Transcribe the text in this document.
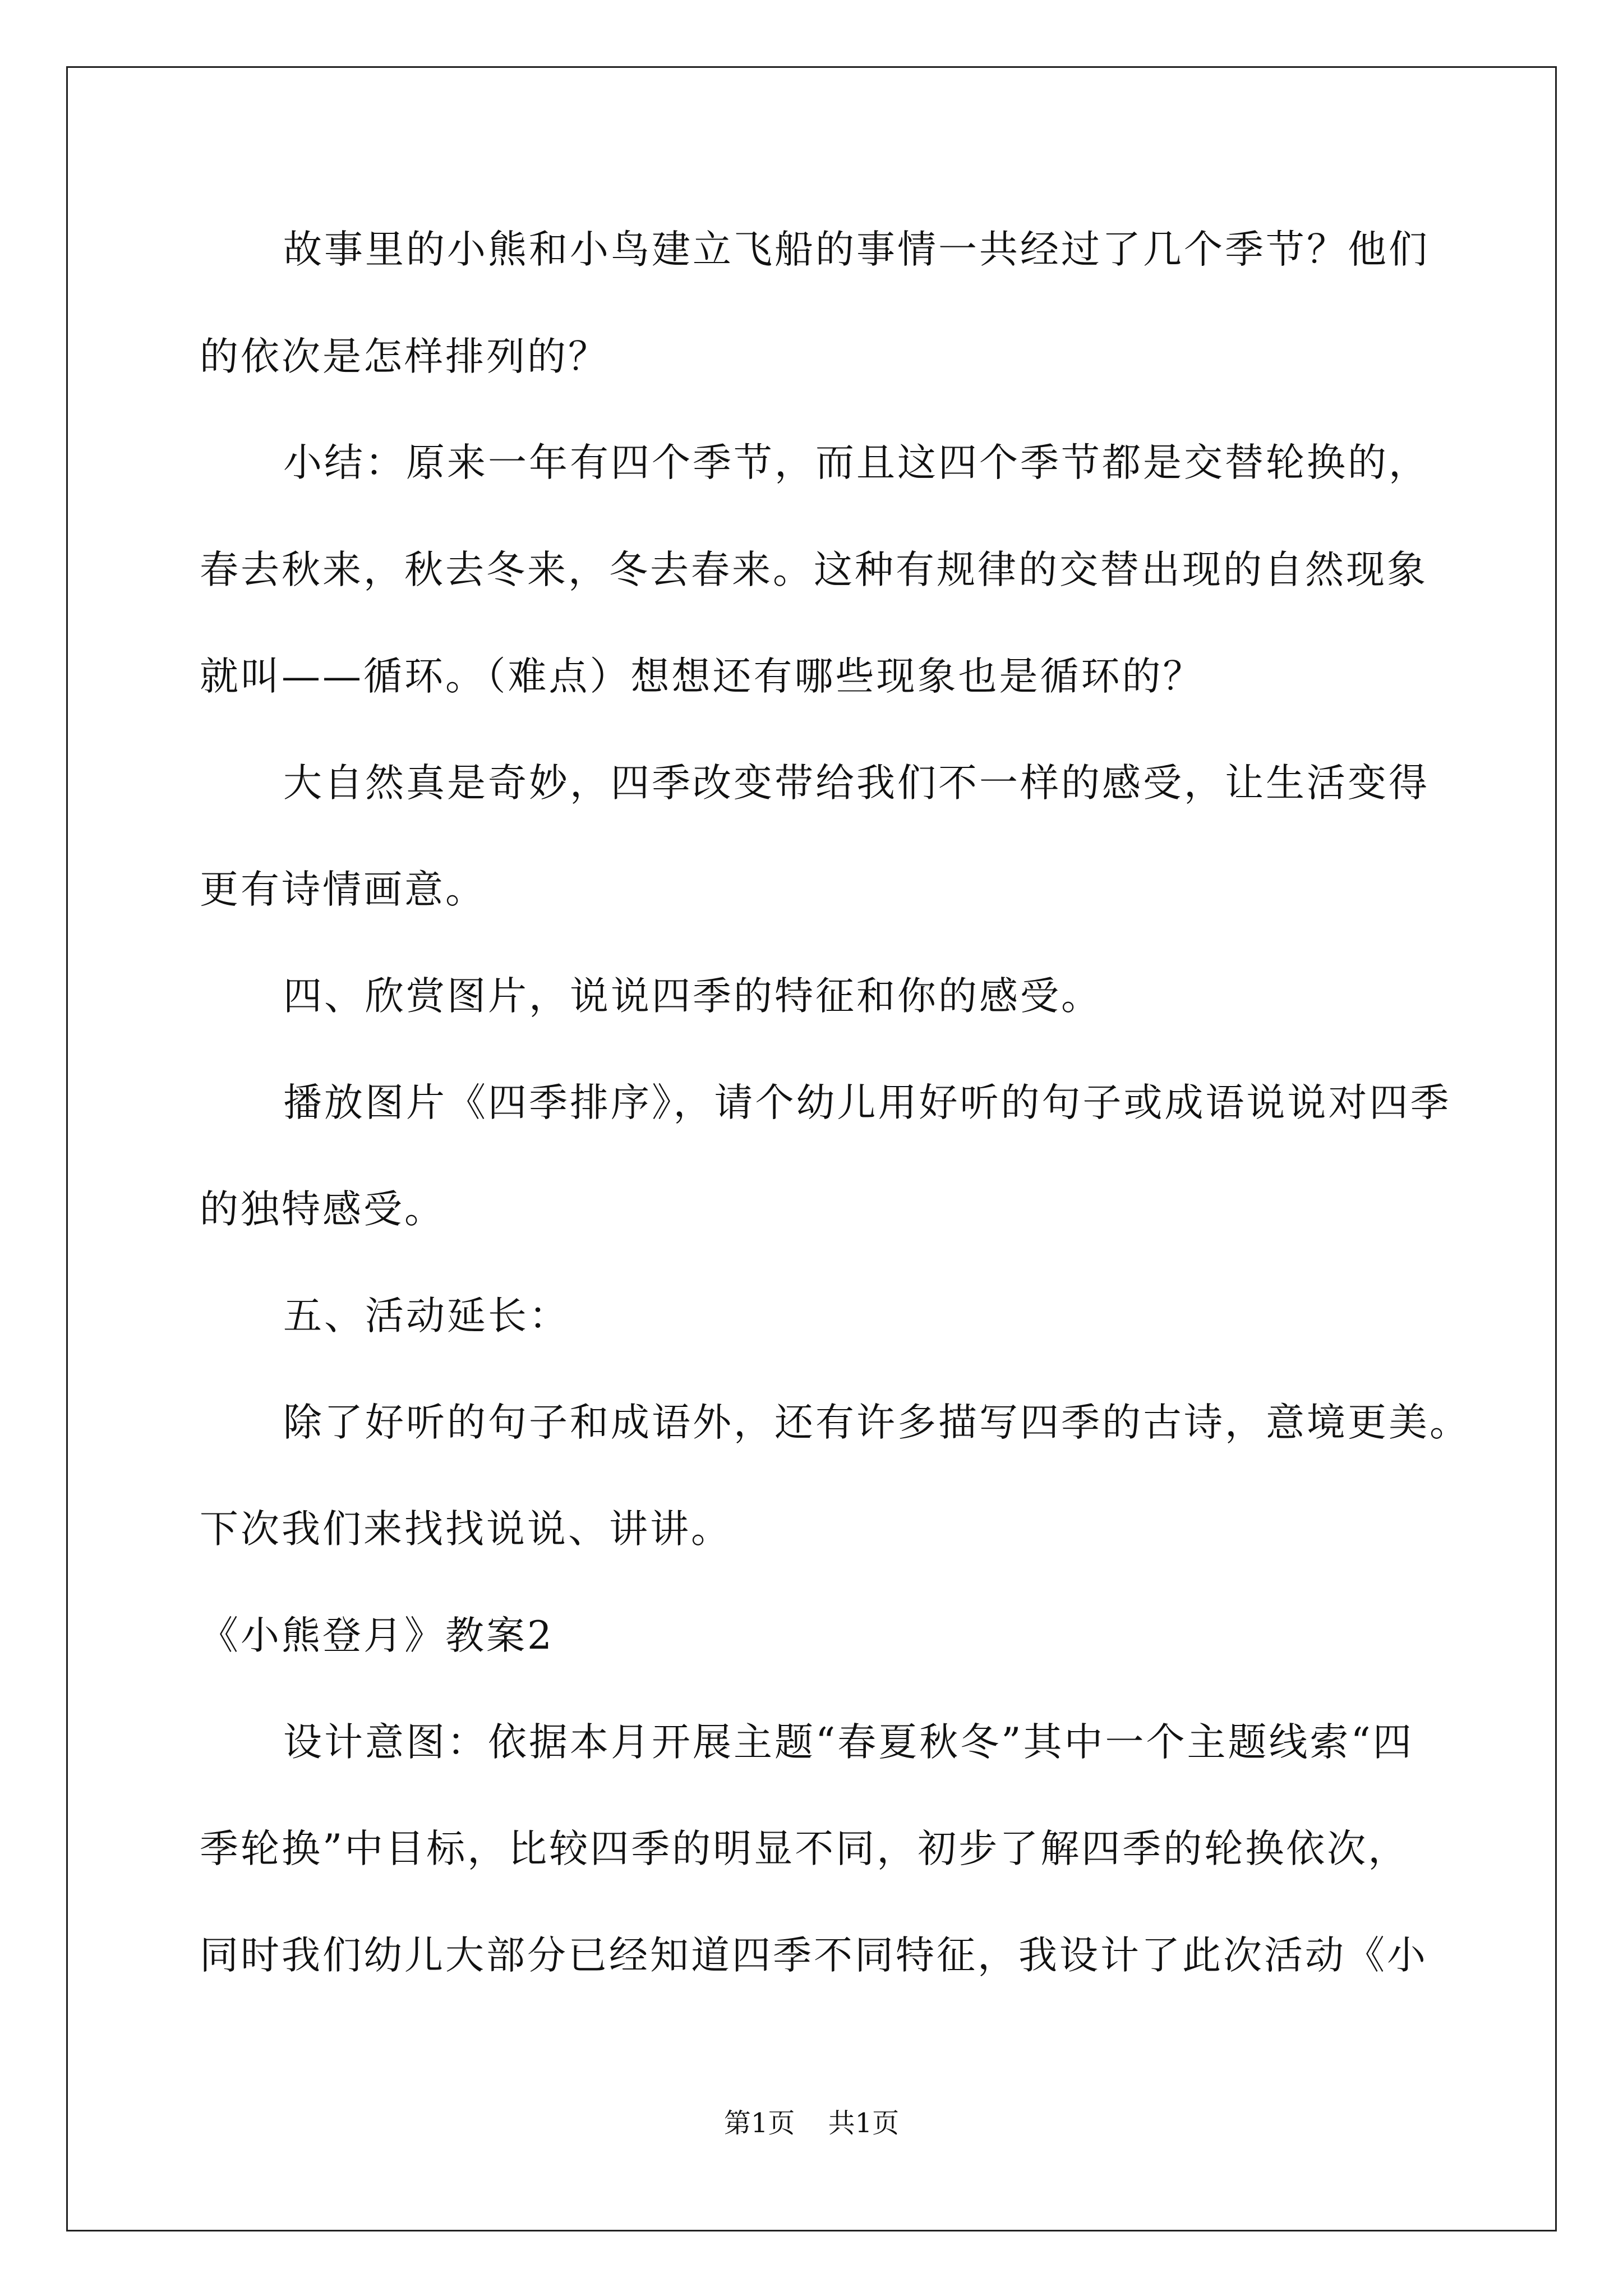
故事里的小熊和小鸟建立飞船的事情一共经过了几个季节？他们
的依次是怎样排列的？
小结：原来一年有四个季节，而且这四个季节都是交替轮换的，
春去秋来，秋去冬来，冬去春来。这种有规律的交替出现的自然现象
就叫——循环。（难点）想想还有哪些现象也是循环的？
大自然真是奇妙，四季改变带给我们不一样的感受，让生活变得
更有诗情画意。
四、欣赏图片，说说四季的特征和你的感受。
播放图片《四季排序》，请个幼儿用好听的句子或成语说说对四季
的独特感受。
五、活动延长：
除了好听的句子和成语外，还有许多描写四季的古诗，意境更美。
下次我们来找找说说、讲讲。
《小熊登月》教案2
设计意图：依据本月开展主题“春夏秋冬”其中一个主题线索“四
季轮换”中目标，比较四季的明显不同，初步了解四季的轮换依次，
同时我们幼儿大部分已经知道四季不同特征，我设计了此次活动《小
第1页 共1页
